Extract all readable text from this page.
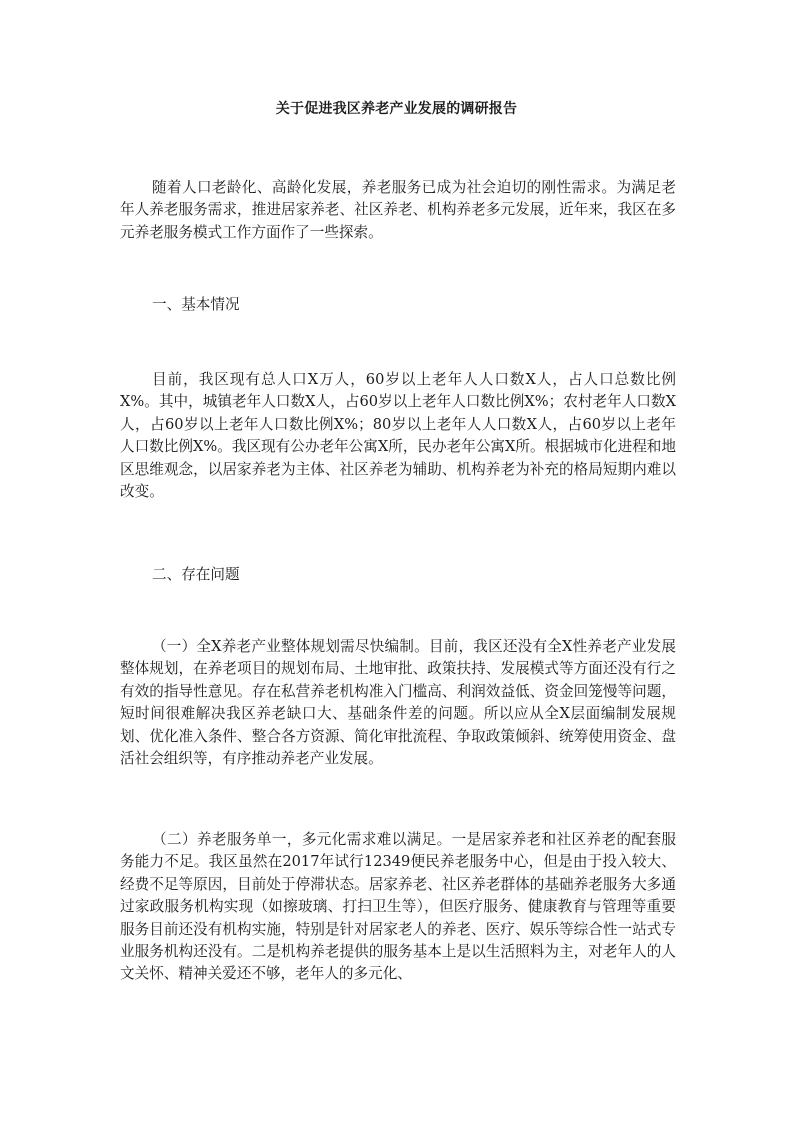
关于促进我区养老产业发展的调研报告

随着人口老龄化、高龄化发展，养老服务已成为社会迫切的刚性需求。为满足老年人养老服务需求，推进居家养老、社区养老、机构养老多元发展，近年来，我区在多元养老服务模式工作方面作了一些探索。

一、基本情况

目前，我区现有总人口X万人，60岁以上老年人人口数X人，占人口总数比例X%。其中，城镇老年人口数X人，占60岁以上老年人口数比例X%；农村老年人口数X人，占60岁以上老年人口数比例X%；80岁以上老年人人口数X人，占60岁以上老年人口数比例X%。我区现有公办老年公寓X所，民办老年公寓X所。根据城市化进程和地区思维观念，以居家养老为主体、社区养老为辅助、机构养老为补充的格局短期内难以改变。

二、存在问题

（一）全X养老产业整体规划需尽快编制。目前，我区还没有全X性养老产业发展整体规划，在养老项目的规划布局、土地审批、政策扶持、发展模式等方面还没有行之有效的指导性意见。存在私营养老机构准入门槛高、利润效益低、资金回笼慢等问题，短时间很难解决我区养老缺口大、基础条件差的问题。所以应从全X层面编制发展规划、优化准入条件、整合各方资源、简化审批流程、争取政策倾斜、统筹使用资金、盘活社会组织等，有序推动养老产业发展。

（二）养老服务单一，多元化需求难以满足。一是居家养老和社区养老的配套服务能力不足。我区虽然在2017年试行12349便民养老服务中心，但是由于投入较大、经费不足等原因，目前处于停滞状态。居家养老、社区养老群体的基础养老服务大多通过家政服务机构实现（如擦玻璃、打扫卫生等），但医疗服务、健康教育与管理等重要服务目前还没有机构实施，特别是针对居家老人的养老、医疗、娱乐等综合性一站式专业服务机构还没有。二是机构养老提供的服务基本上是以生活照料为主，对老年人的人文关怀、精神关爱还不够，老年人的多元化、
